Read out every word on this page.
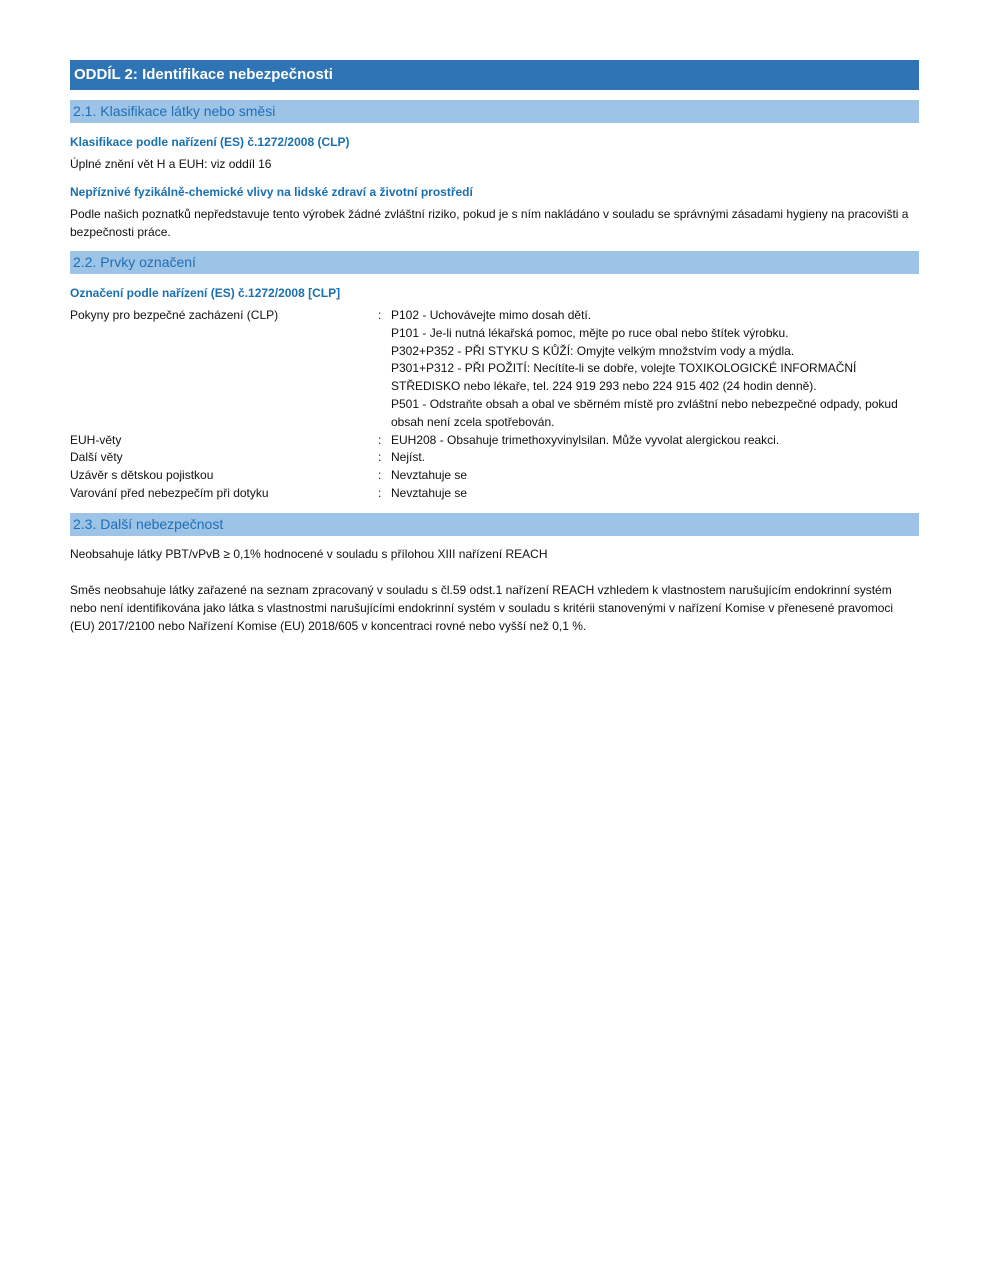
ODDÍL 2: Identifikace nebezpečnosti
2.1. Klasifikace látky nebo směsi
Klasifikace podle nařízení (ES) č.1272/2008 (CLP)
Úplné znění vět H a EUH: viz oddíl 16
Nepříznivé fyzikálně-chemické vlivy na lidské zdraví a životní prostředí
Podle našich poznatků nepředstavuje tento výrobek žádné zvláštní riziko, pokud je s ním nakládáno v souladu se správnými zásadami hygieny na pracovišti a bezpečnosti práce.
2.2. Prvky označení
Označení podle nařízení (ES) č.1272/2008 [CLP]
Pokyny pro bezpečné zacházení (CLP)	: P102 - Uchovávejte mimo dosah dětí.
P101 - Je-li nutná lékařská pomoc, mějte po ruce obal nebo štítek výrobku.
P302+P352 - PŘI STYKU S KŮŽÍ: Omyjte velkým množstvím vody a mýdla.
P301+P312 - PŘI POŽITÍ: Necítíte-li se dobře, volejte TOXIKOLOGICKÉ INFORMAČNÍ STŘEDISKO nebo lékaře, tel. 224 919 293 nebo 224 915 402 (24 hodin denně).
P501 - Odstraňte obsah a obal ve sběrném místě pro zvláštní nebo nebezpečné odpady, pokud obsah není zcela spotřebován.
EUH-věty	: EUH208 - Obsahuje trimethoxyvinylsilan. Může vyvolat alergickou reakci.
Další věty	: Nejíst.
Uzávěr s dětskou pojistkou	: Nevztahuje se
Varování před nebezpečím při dotyku	: Nevztahuje se
2.3. Další nebezpečnost
Neobsahuje látky PBT/vPvB ≥ 0,1% hodnocené v souladu s přílohou XIII nařízení REACH
Směs neobsahuje látky zařazené na seznam zpracovaný v souladu s čl.59 odst.1 nařízení REACH vzhledem k vlastnostem narušujícím endokrinní systém nebo není identifikována jako látka s vlastnostmi narušujícími endokrinní systém v souladu s kritérii stanovenými v nařízení Komise v přenesené pravomoci (EU) 2017/2100 nebo Nařízení Komise (EU) 2018/605 v koncentraci rovné nebo vyšší než 0,1 %.
